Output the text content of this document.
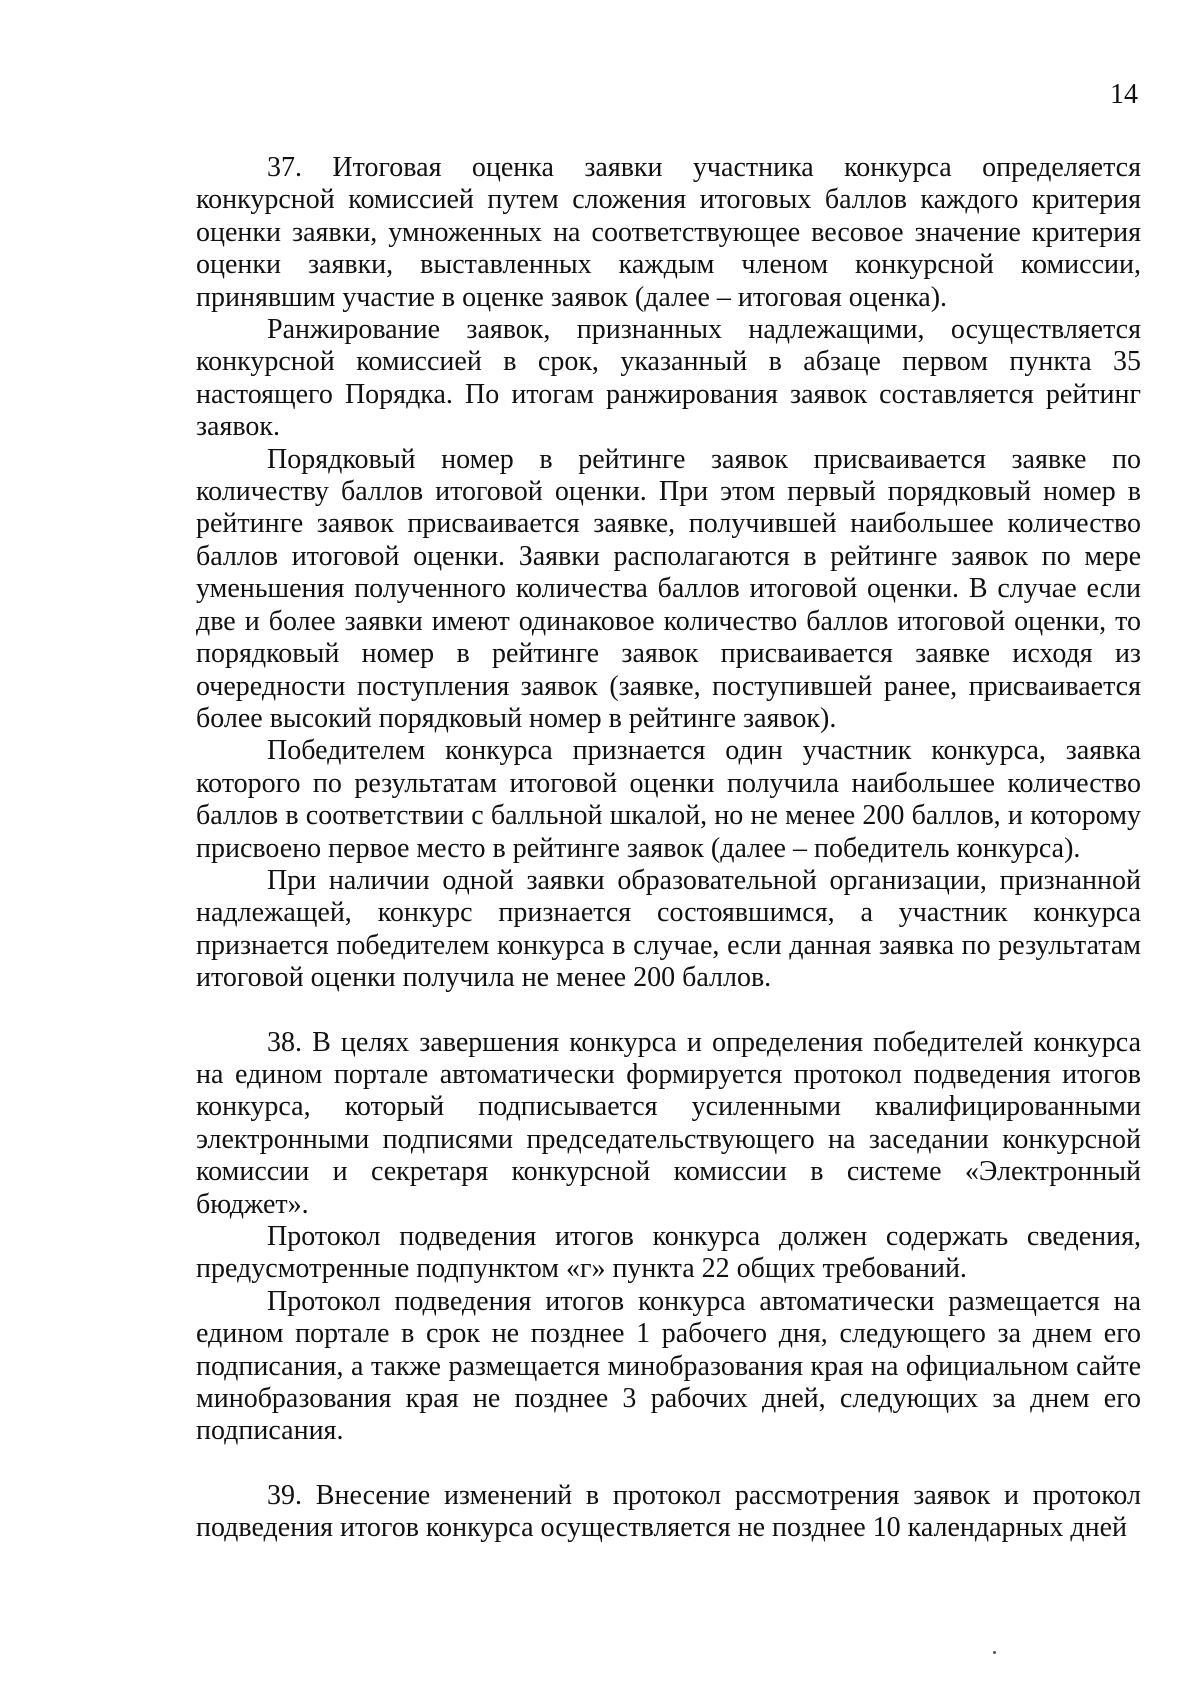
14

37. Итоговая оценка заявки участника конкурса определяется конкурсной комиссией путем сложения итоговых баллов каждого критерия оценки заявки, умноженных на соответствующее весовое значение критерия оценки заявки, выставленных каждым членом конкурсной комиссии, принявшим участие в оценке заявок (далее – итоговая оценка).

Ранжирование заявок, признанных надлежащими, осуществляется конкурсной комиссией в срок, указанный в абзаце первом пункта 35 настоящего Порядка. По итогам ранжирования заявок составляется рейтинг заявок.

Порядковый номер в рейтинге заявок присваивается заявке по количеству баллов итоговой оценки. При этом первый порядковый номер в рейтинге заявок присваивается заявке, получившей наибольшее количество баллов итоговой оценки. Заявки располагаются в рейтинге заявок по мере уменьшения полученного количества баллов итоговой оценки. В случае если две и более заявки имеют одинаковое количество баллов итоговой оценки, то порядковый номер в рейтинге заявок присваивается заявке исходя из очередности поступления заявок (заявке, поступившей ранее, присваивается более высокий порядковый номер в рейтинге заявок).

Победителем конкурса признается один участник конкурса, заявка которого по результатам итоговой оценки получила наибольшее количество баллов в соответствии с балльной шкалой, но не менее 200 баллов, и которому присвоено первое место в рейтинге заявок (далее – победитель конкурса).

При наличии одной заявки образовательной организации, признанной надлежащей, конкурс признается состоявшимся, а участник конкурса признается победителем конкурса в случае, если данная заявка по результатам итоговой оценки получила не менее 200 баллов.

38. В целях завершения конкурса и определения победителей конкурса на едином портале автоматически формируется протокол подведения итогов конкурса, который подписывается усиленными квалифицированными электронными подписями председательствующего на заседании конкурсной комиссии и секретаря конкурсной комиссии в системе «Электронный бюджет».

Протокол подведения итогов конкурса должен содержать сведения, предусмотренные подпунктом «г» пункта 22 общих требований.

Протокол подведения итогов конкурса автоматически размещается на едином портале в срок не позднее 1 рабочего дня, следующего за днем его подписания, а также размещается минобразования края на официальном сайте минобразования края не позднее 3 рабочих дней, следующих за днем его подписания.

39. Внесение изменений в протокол рассмотрения заявок и протокол подведения итогов конкурса осуществляется не позднее 10 календарных дней
